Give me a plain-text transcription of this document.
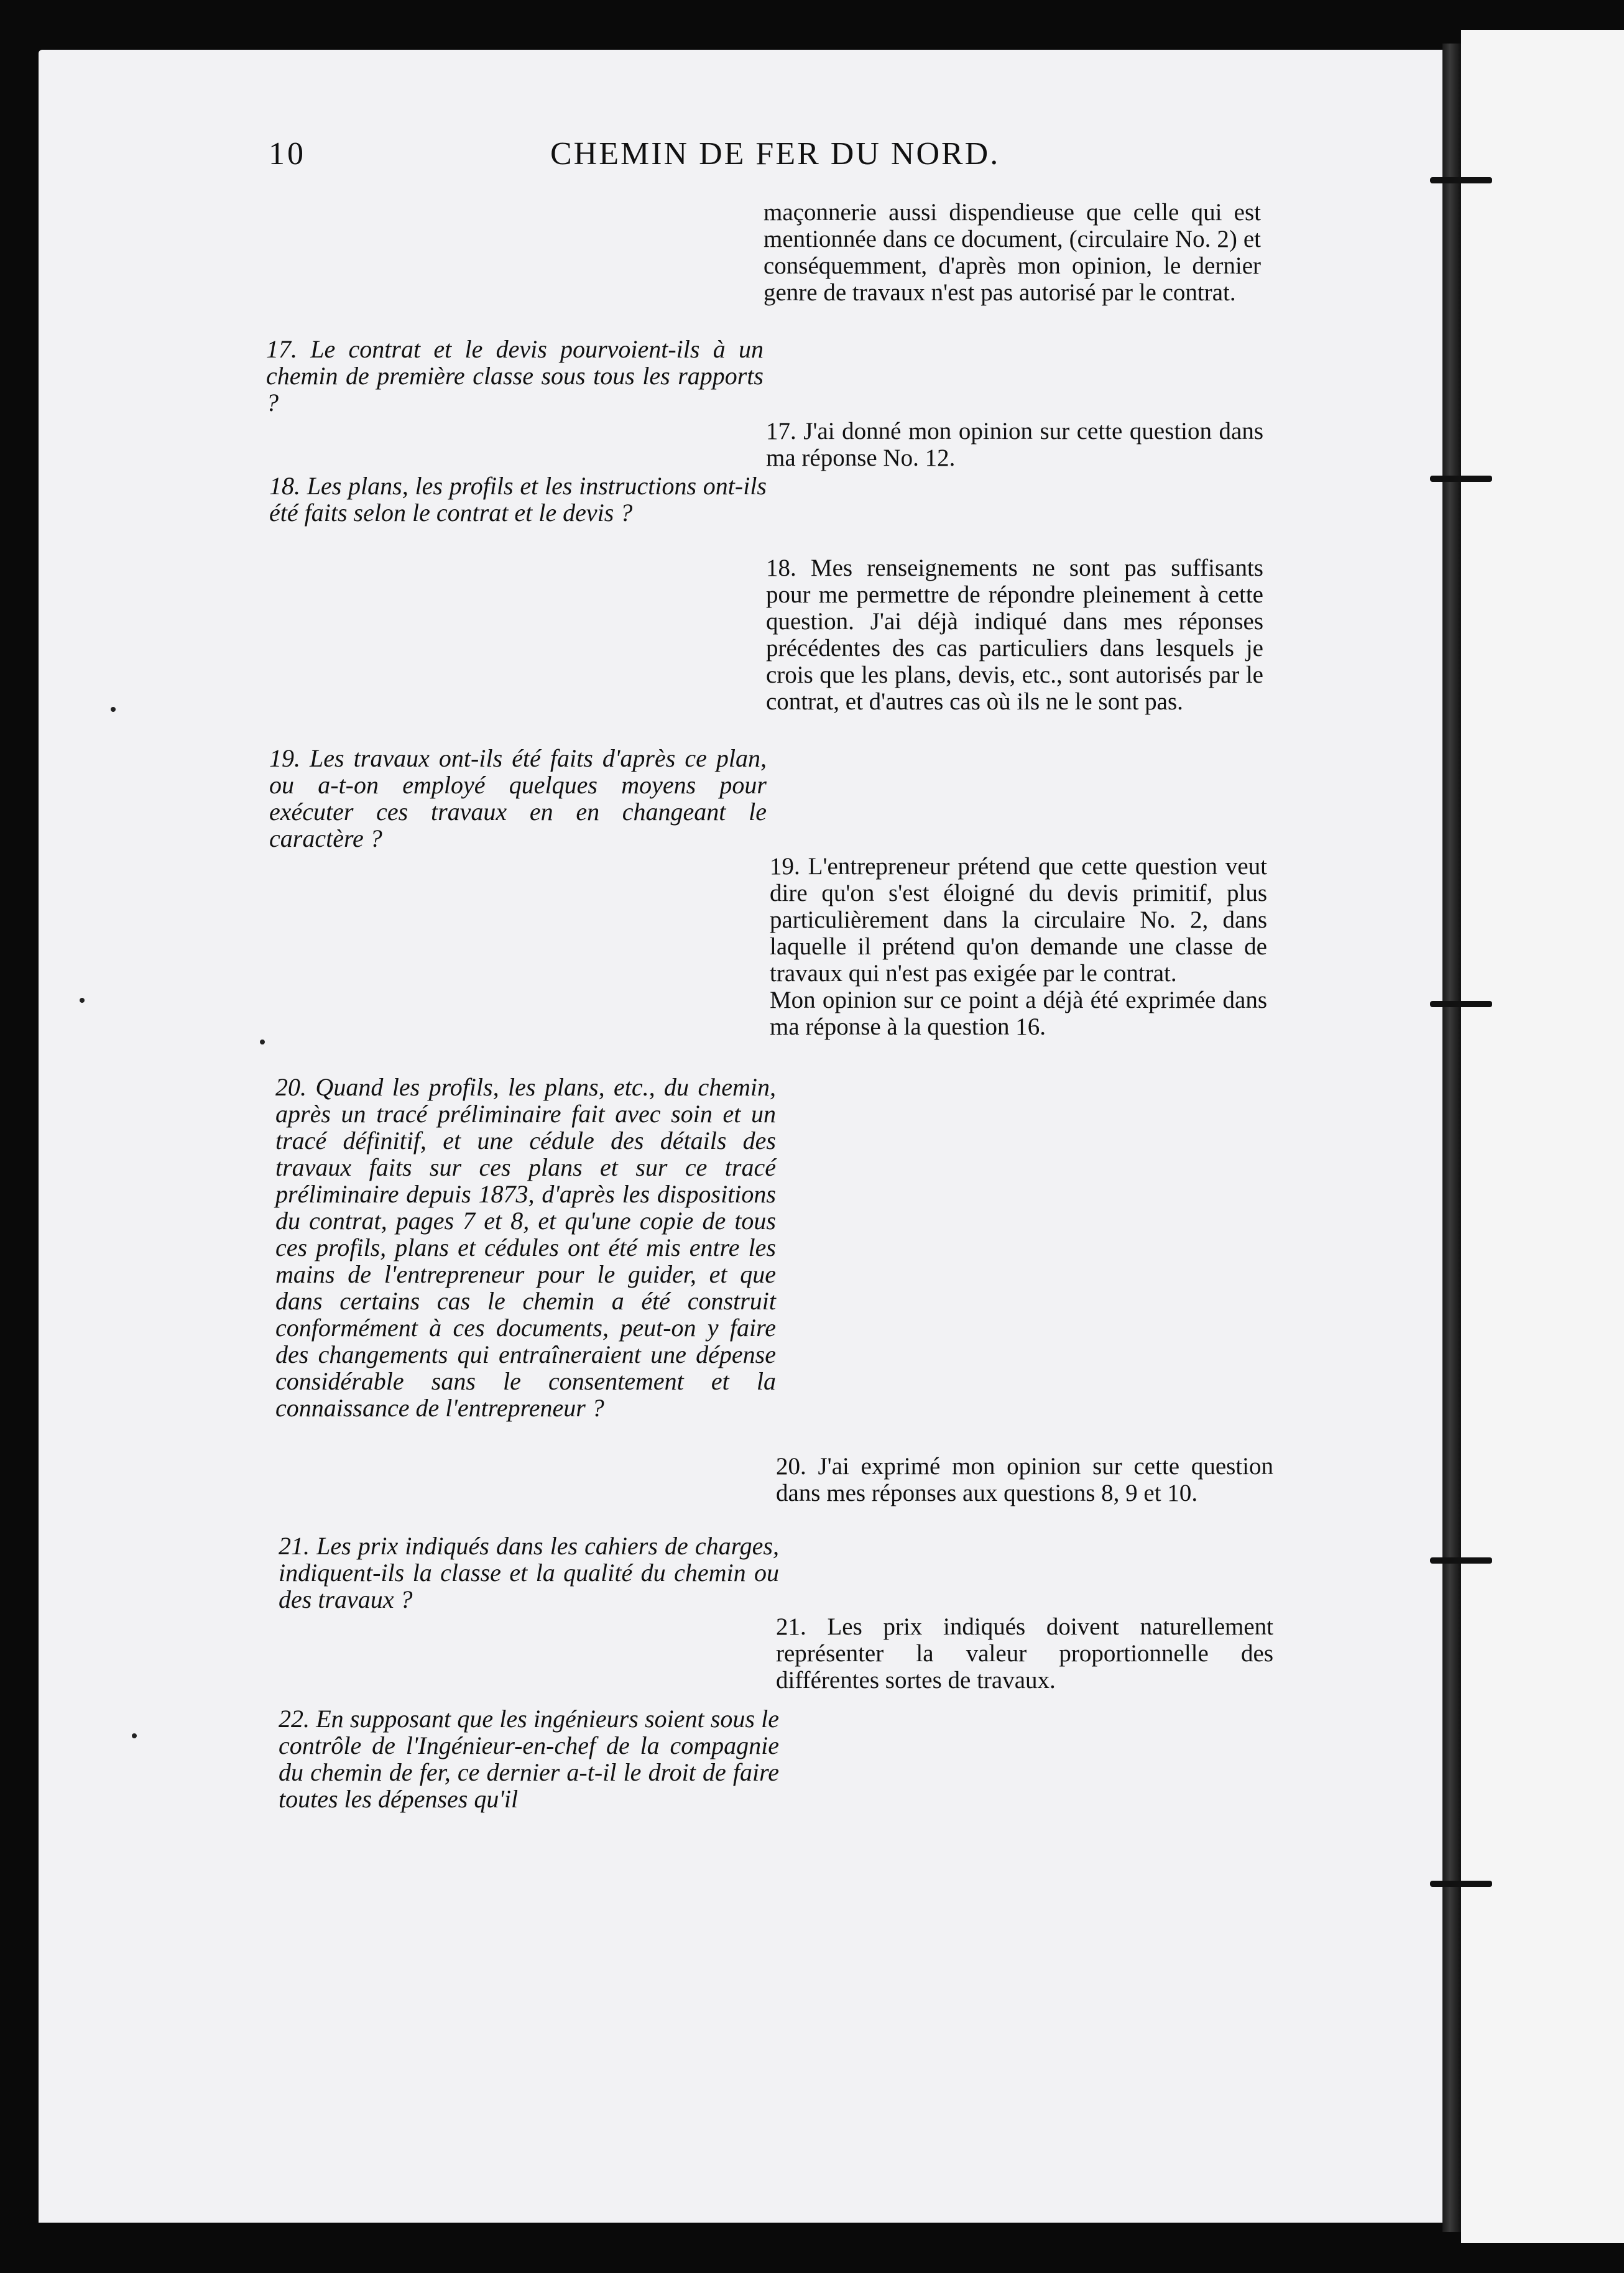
10	CHEMIN DE FER DU NORD.

maçonnerie aussi dispendieuse que celle qui est mentionnée dans ce document, (circulaire No. 2) et conséquemment, d'après mon opinion, le dernier genre de travaux n'est pas autorisé par le contrat.

17. J'ai donné mon opinion sur cette question dans ma réponse No. 12.

18. Mes renseignements ne sont pas suffisants pour me permettre de répondre pleinement à cette question. J'ai déjà indiqué dans mes réponses précédentes des cas particuliers dans lesquels je crois que les plans, devis, etc., sont autorisés par le contrat, et d'autres cas où ils ne le sont pas.

19. L'entrepreneur prétend que cette question veut dire qu'on s'est éloigné du devis primitif, plus particulièrement dans la circulaire No. 2, dans laquelle il prétend qu'on demande une classe de travaux qui n'est pas exigée par le contrat.

Mon opinion sur ce point a déjà été exprimée dans ma réponse à la question 16.

20. J'ai exprimé mon opinion sur cette question dans mes réponses aux questions 8, 9 et 10.

21. Les prix indiqués doivent naturellement représenter la valeur proportionnelle des différentes sortes de travaux.

17. Le contrat et le devis pourvoient-ils à un chemin de première classe sous tous les rapports ?

18. Les plans, les profils et les instructions ont-ils été faits selon le contrat et le devis ?

19. Les travaux ont-ils été faits d'après ce plan, ou a-t-on employé quelques moyens pour exécuter ces travaux en en changeant le caractère ?

20. Quand les profils, les plans, etc., du chemin, après un tracé préliminaire fait avec soin et un tracé définitif, et une cédule des détails des travaux faits sur ces plans et sur ce tracé préliminaire depuis 1873, d'après les dispositions du contrat, pages 7 et 8, et qu'une copie de tous ces profils, plans et cédules ont été mis entre les mains de l'entrepreneur pour le guider, et que dans certains cas le chemin a été construit conformément à ces documents, peut-on y faire des changements qui entraîneraient une dépense considérable sans le consentement et la connaissance de l'entrepreneur ?

21. Les prix indiqués dans les cahiers de charges, indiquent-ils la classe et la qualité du chemin ou des travaux ?

22. En supposant que les ingénieurs soient sous le contrôle de l'Ingénieur-en-chef de la compagnie du chemin de fer, ce dernier a-t-il le droit de faire toutes les dépenses qu'il
